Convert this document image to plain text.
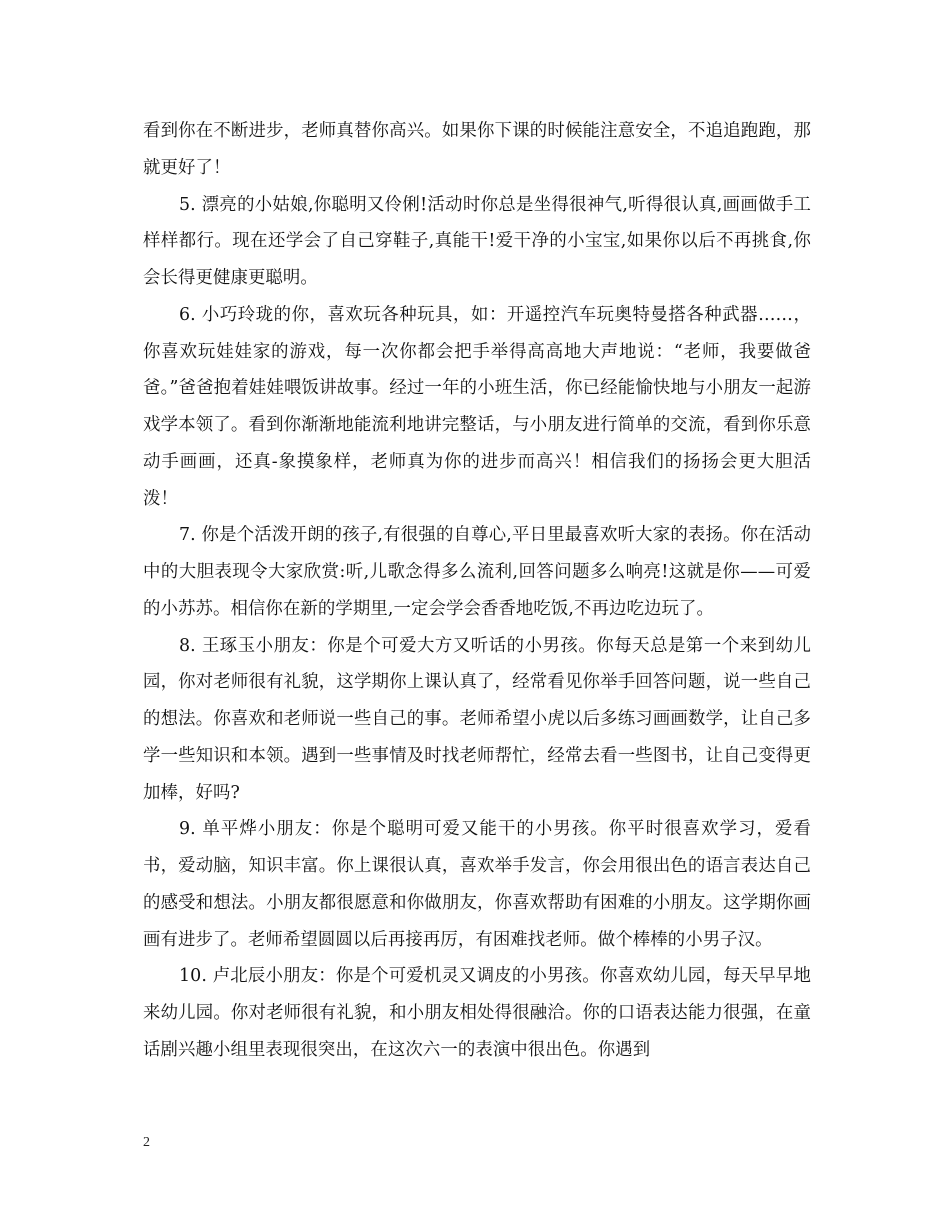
看到你在不断进步，老师真替你高兴。如果你下课的时候能注意安全，不追追跑跑，那就更好了！

5. 漂亮的小姑娘,你聪明又伶俐!活动时你总是坐得很神气,听得很认真,画画做手工样样都行。现在还学会了自己穿鞋子,真能干!爱干净的小宝宝,如果你以后不再挑食,你会长得更健康更聪明。

6. 小巧玲珑的你，喜欢玩各种玩具，如：开遥控汽车玩奥特曼搭各种武器……，你喜欢玩娃娃家的游戏，每一次你都会把手举得高高地大声地说：“老师，我要做爸爸。”爸爸抱着娃娃喂饭讲故事。经过一年的小班生活，你已经能愉快地与小朋友一起游戏学本领了。看到你渐渐地能流利地讲完整话，与小朋友进行简单的交流，看到你乐意动手画画，还真-象摸象样，老师真为你的进步而高兴！相信我们的扬扬会更大胆活泼！

7. 你是个活泼开朗的孩子,有很强的自尊心,平日里最喜欢听大家的表扬。你在活动中的大胆表现令大家欣赏:听,儿歌念得多么流利,回答问题多么响亮!这就是你——可爱的小苏苏。相信你在新的学期里,一定会学会香香地吃饭,不再边吃边玩了。

8. 王琢玉小朋友：你是个可爱大方又听话的小男孩。你每天总是第一个来到幼儿园，你对老师很有礼貌，这学期你上课认真了，经常看见你举手回答问题，说一些自己的想法。你喜欢和老师说一些自己的事。老师希望小虎以后多练习画画数学，让自己多学一些知识和本领。遇到一些事情及时找老师帮忙，经常去看一些图书，让自己变得更加棒，好吗?

9. 单平烨小朋友：你是个聪明可爱又能干的小男孩。你平时很喜欢学习，爱看书，爱动脑，知识丰富。你上课很认真，喜欢举手发言，你会用很出色的语言表达自己的感受和想法。小朋友都很愿意和你做朋友，你喜欢帮助有困难的小朋友。这学期你画画有进步了。老师希望圆圆以后再接再厉，有困难找老师。做个棒棒的小男子汉。

10. 卢北辰小朋友：你是个可爱机灵又调皮的小男孩。你喜欢幼儿园，每天早早地来幼儿园。你对老师很有礼貌，和小朋友相处得很融洽。你的口语表达能力很强，在童话剧兴趣小组里表现很突出，在这次六一的表演中很出色。你遇到

2
